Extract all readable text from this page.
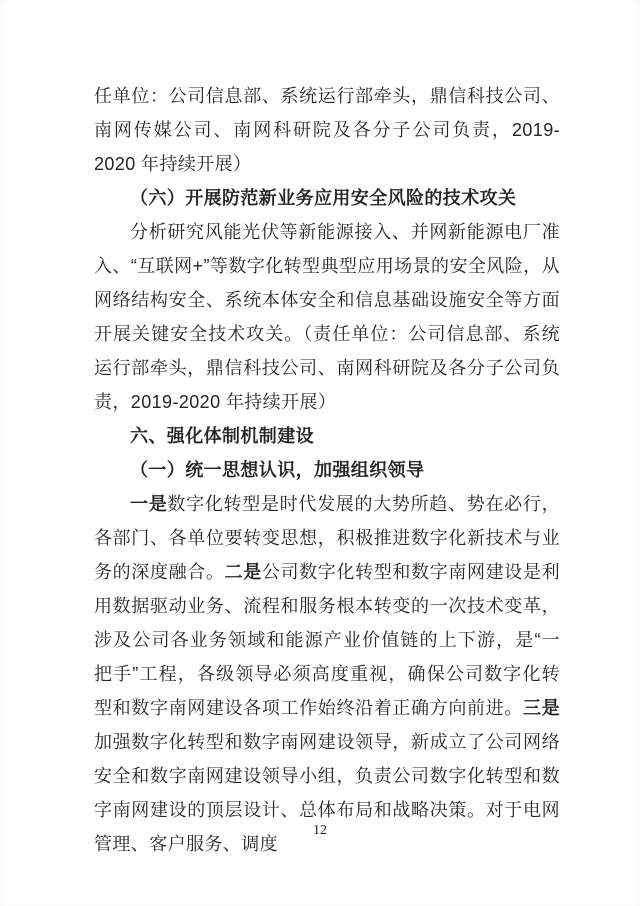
任单位：公司信息部、系统运行部牵头，鼎信科技公司、南网传媒公司、南网科研院及各分子公司负责，2019-2020 年持续开展）

（六）开展防范新业务应用安全风险的技术攻关

分析研究风能光伏等新能源接入、并网新能源电厂准入、“互联网+”等数字化转型典型应用场景的安全风险，从网络结构安全、系统本体安全和信息基础设施安全等方面开展关键安全技术攻关。（责任单位：公司信息部、系统运行部牵头，鼎信科技公司、南网科研院及各分子公司负责，2019-2020 年持续开展）

六、强化体制机制建设

（一）统一思想认识，加强组织领导

一是数字化转型是时代发展的大势所趋、势在必行，各部门、各单位要转变思想，积极推进数字化新技术与业务的深度融合。二是公司数字化转型和数字南网建设是利用数据驱动业务、流程和服务根本转变的一次技术变革，涉及公司各业务领域和能源产业价值链的上下游，是“一把手”工程，各级领导必须高度重视，确保公司数字化转型和数字南网建设各项工作始终沿着正确方向前进。三是加强数字化转型和数字南网建设领导，新成立了公司网络安全和数字南网建设领导小组，负责公司数字化转型和数字南网建设的顶层设计、总体布局和战略决策。对于电网管理、客户服务、调度

12
